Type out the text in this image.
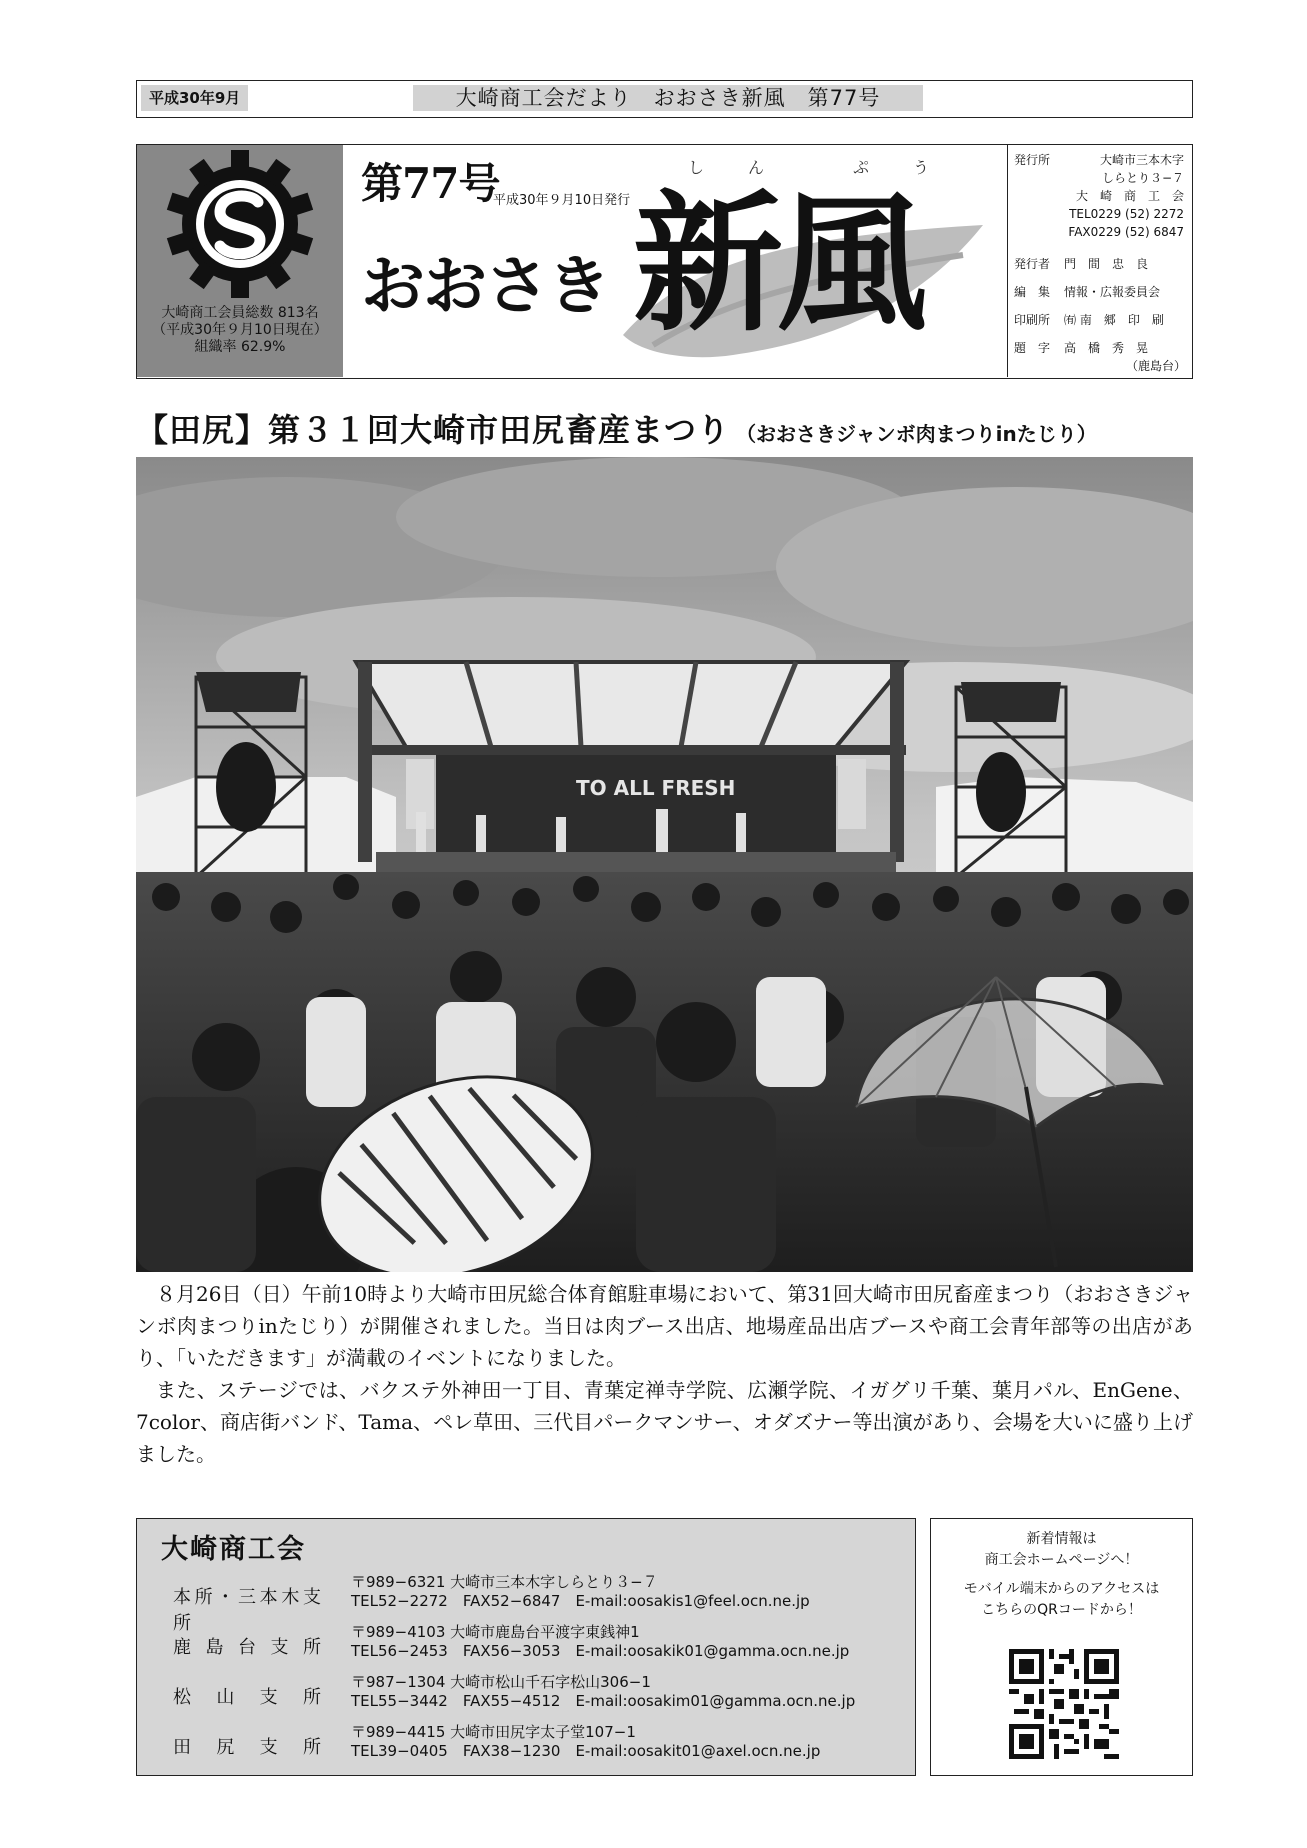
平成30年9月	大崎商工会だより　おおさき新風　第77号
大崎商工会員総数 813名
（平成30年９月10日現在）
組織率 62.9%
第77号
平成30年９月10日発行
し	ん	ぷ	う
おおさき 新風
発行所	大崎市三本木字
しらとり３−７
大　崎　商　工　会
TEL0229 (52) 2272
FAX0229 (52) 6847
発行者 門　間　忠　良
編　集 情報・広報委員会
印刷所 ㈲ 南　郷　印　刷
題　字 高　橋　秀　晃
（鹿島台）
【田尻】第３１回大崎市田尻畜産まつり （おおさきジャンボ肉まつりinたじり）
TO ALL FRESH

８月26日（日）午前10時より大崎市田尻総合体育館駐車場において、第31回大崎市田尻畜産まつり（おおさきジャンボ肉まつりinたじり）が開催されました。当日は肉ブース出店、地場産品出店ブースや商工会青年部等の出店があり、「いただきます」が満載のイベントになりました。

また、ステージでは、バクステ外神田一丁目、青葉定禅寺学院、広瀬学院、イガグリ千葉、葉月パル、EnGene、7color、商店街バンド、Tama、ペレ草田、三代目パークマンサー、オダズナー等出演があり、会場を大いに盛り上げました。

大崎商工会
本所・三本木支所
〒989−6321 大崎市三本木字しらとり３−７
TEL52−2272　FAX52−6847　E-mail:oosakis1@feel.ocn.ne.jp
鹿島台支所
〒989−4103 大崎市鹿島台平渡字東銭神1
TEL56−2453　FAX56−3053　E-mail:oosakik01@gamma.ocn.ne.jp
松山支所
〒987−1304 大崎市松山千石字松山306−1
TEL55−3442　FAX55−4512　E-mail:oosakim01@gamma.ocn.ne.jp
田尻支所
〒989−4415 大崎市田尻字太子堂107−1
TEL39−0405　FAX38−1230　E-mail:oosakit01@axel.ocn.ne.jp
新着情報は
商工会ホームページへ！
モバイル端末からのアクセスは
こちらのQRコードから！
